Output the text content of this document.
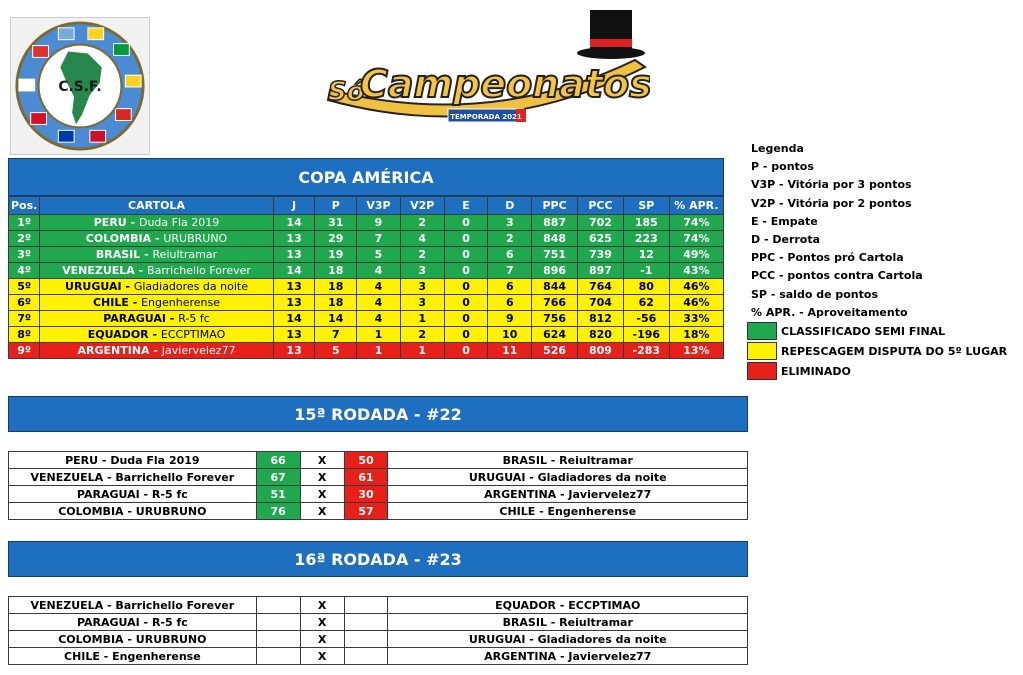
C.S.F.	Só
Campeonatos
TEMPORADA 2021
COPA AMÉRICA
Pos.	CARTOLA	J	P	V3P	V2P	E	D	PPC	PCC	SP	% APR.
1º	PERU - Duda Fla 2019	14	31	9	2	0	3	887	702	185	74%
2º	COLOMBIA - URUBRUNO	13	29	7	4	0	2	848	625	223	74%
3º	BRASIL - Reiultramar	13	19	5	2	0	6	751	739	12	49%
4º	VENEZUELA - Barrichello Forever	14	18	4	3	0	7	896	897	-1	43%
5º	URUGUAI - Gladiadores da noite	13	18	4	3	0	6	844	764	80	46%
6º	CHILE - Engenherense	13	18	4	3	0	6	766	704	62	46%
7º	PARAGUAI - R-5 fc	14	14	4	1	0	9	756	812	-56	33%
8º	EQUADOR - ECCPTIMAO	13	7	1	2	0	10	624	820	-196	18%
9º	ARGENTINA - Javiervelez77	13	5	1	1	0	11	526	809	-283	13%
Legenda
P - pontos
V3P - Vitória por 3 pontos
V2P - Vitória por 2 pontos
E - Empate
D - Derrota
PPC - Pontos pró Cartola
PCC - pontos contra Cartola
SP - saldo de pontos
% APR. - Aproveitamento
CLASSIFICADO SEMI FINAL
REPESCAGEM DISPUTA DO 5º LUGAR
ELIMINADO
15ª RODADA - #22
PERU - Duda Fla 2019	66	X	50	BRASIL - Reiultramar
VENEZUELA - Barrichello Forever	67	X	61	URUGUAI - Gladiadores da noite
PARAGUAI - R-5 fc	51	X	30	ARGENTINA - Javiervelez77
COLOMBIA - URUBRUNO	76	X	57	CHILE - Engenherense
16ª RODADA - #23
VENEZUELA - Barrichello Forever		X		EQUADOR - ECCPTIMAO
PARAGUAI - R-5 fc		X		BRASIL - Reiultramar
COLOMBIA - URUBRUNO		X		URUGUAI - Gladiadores da noite
CHILE - Engenherense		X		ARGENTINA - Javiervelez77
